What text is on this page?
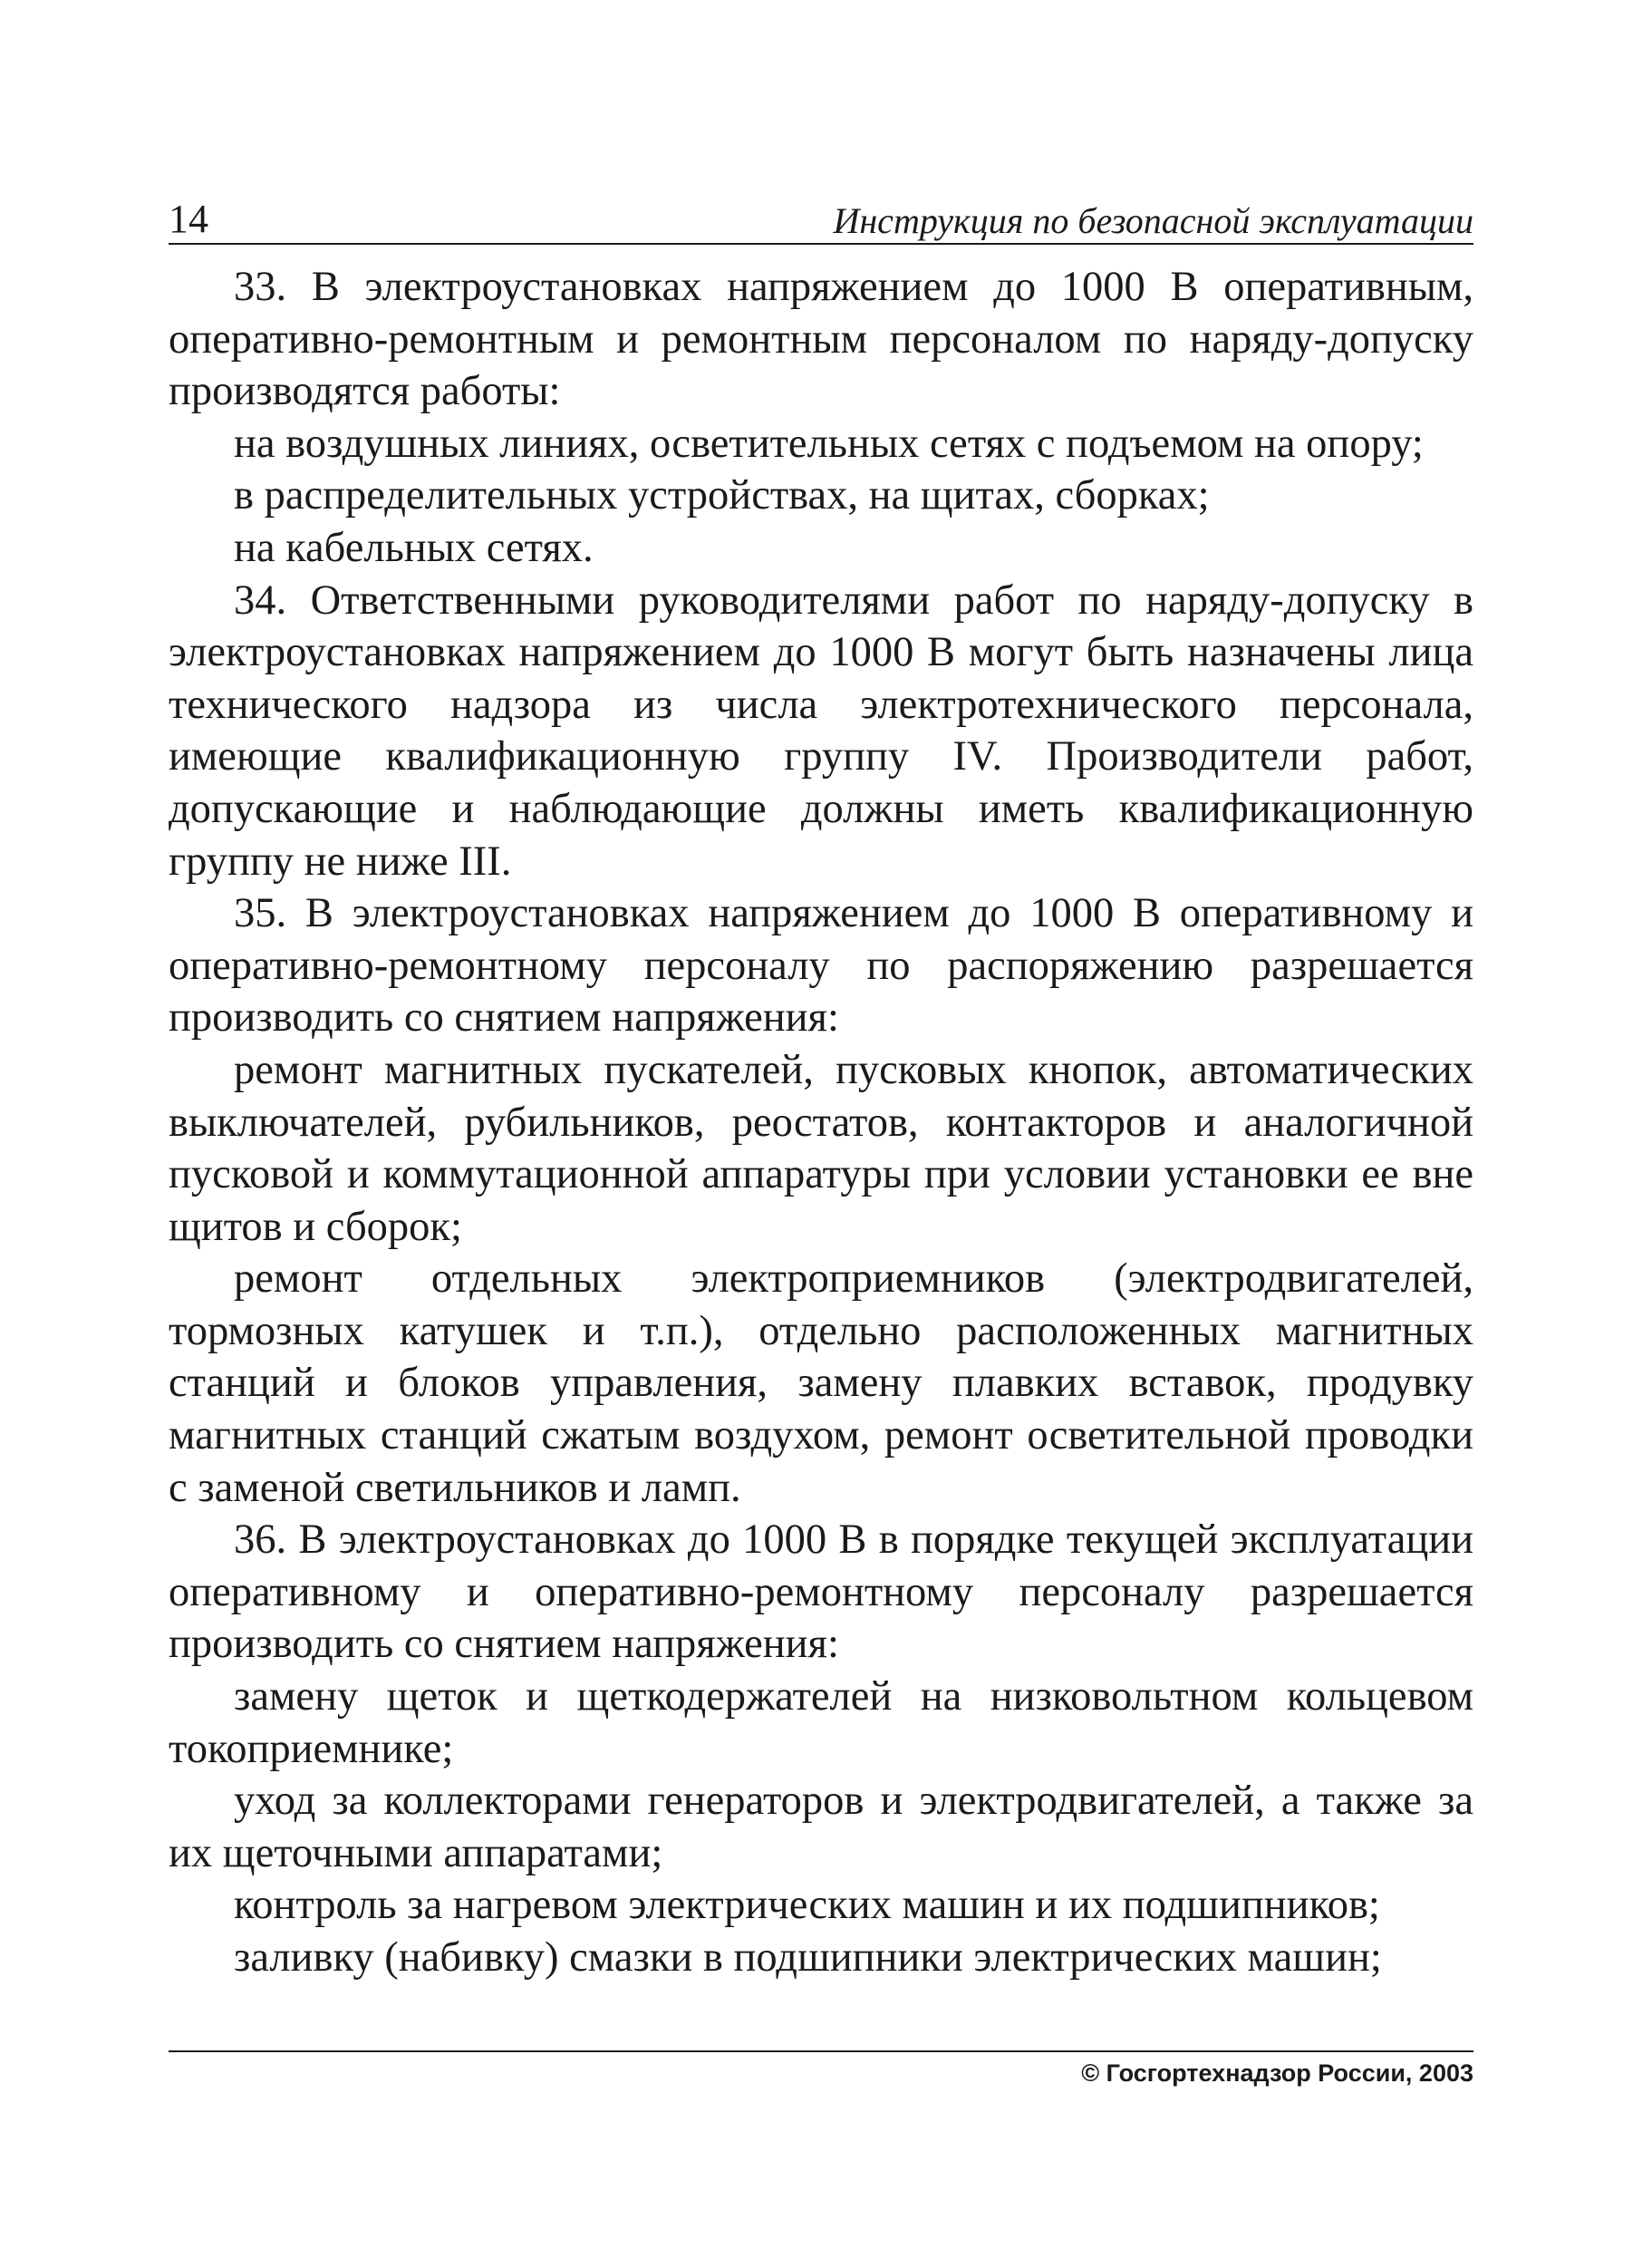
14	Инструкция по безопасной эксплуатации

33. В электроустановках напряжением до 1000 В оперативным, оперативно-ремонтным и ремонтным персоналом по наряду-допуску производятся работы:

на воздушных линиях, осветительных сетях с подъемом на опору;

в распределительных устройствах, на щитах, сборках;

на кабельных сетях.

34. Ответственными руководителями работ по наряду-допуску в электроустановках напряжением до 1000 В могут быть назначены лица технического надзора из числа электротехнического персонала, имеющие квалификационную группу IV. Производители работ, допускающие и наблюдающие должны иметь квалификационную группу не ниже III.

35. В электроустановках напряжением до 1000 В оперативному и оперативно-ремонтному персоналу по распоряжению разрешается производить со снятием напряжения:

ремонт магнитных пускателей, пусковых кнопок, автоматических выключателей, рубильников, реостатов, контакторов и аналогичной пусковой и коммутационной аппаратуры при условии установки ее вне щитов и сборок;

ремонт отдельных электроприемников (электродвигателей, тормозных катушек и т.п.), отдельно расположенных магнитных станций и блоков управления, замену плавких вставок, продувку магнитных станций сжатым воздухом, ремонт осветительной проводки с заменой светильников и ламп.

36. В электроустановках до 1000 В в порядке текущей эксплуатации оперативному и оперативно-ремонтному персоналу разрешается производить со снятием напряжения:

замену щеток и щеткодержателей на низковольтном кольцевом токоприемнике;

уход за коллекторами генераторов и электродвигателей, а также за их щеточными аппаратами;

контроль за нагревом электрических машин и их подшипников;

заливку (набивку) смазки в подшипники электрических машин;

© Госгортехнадзор России, 2003
